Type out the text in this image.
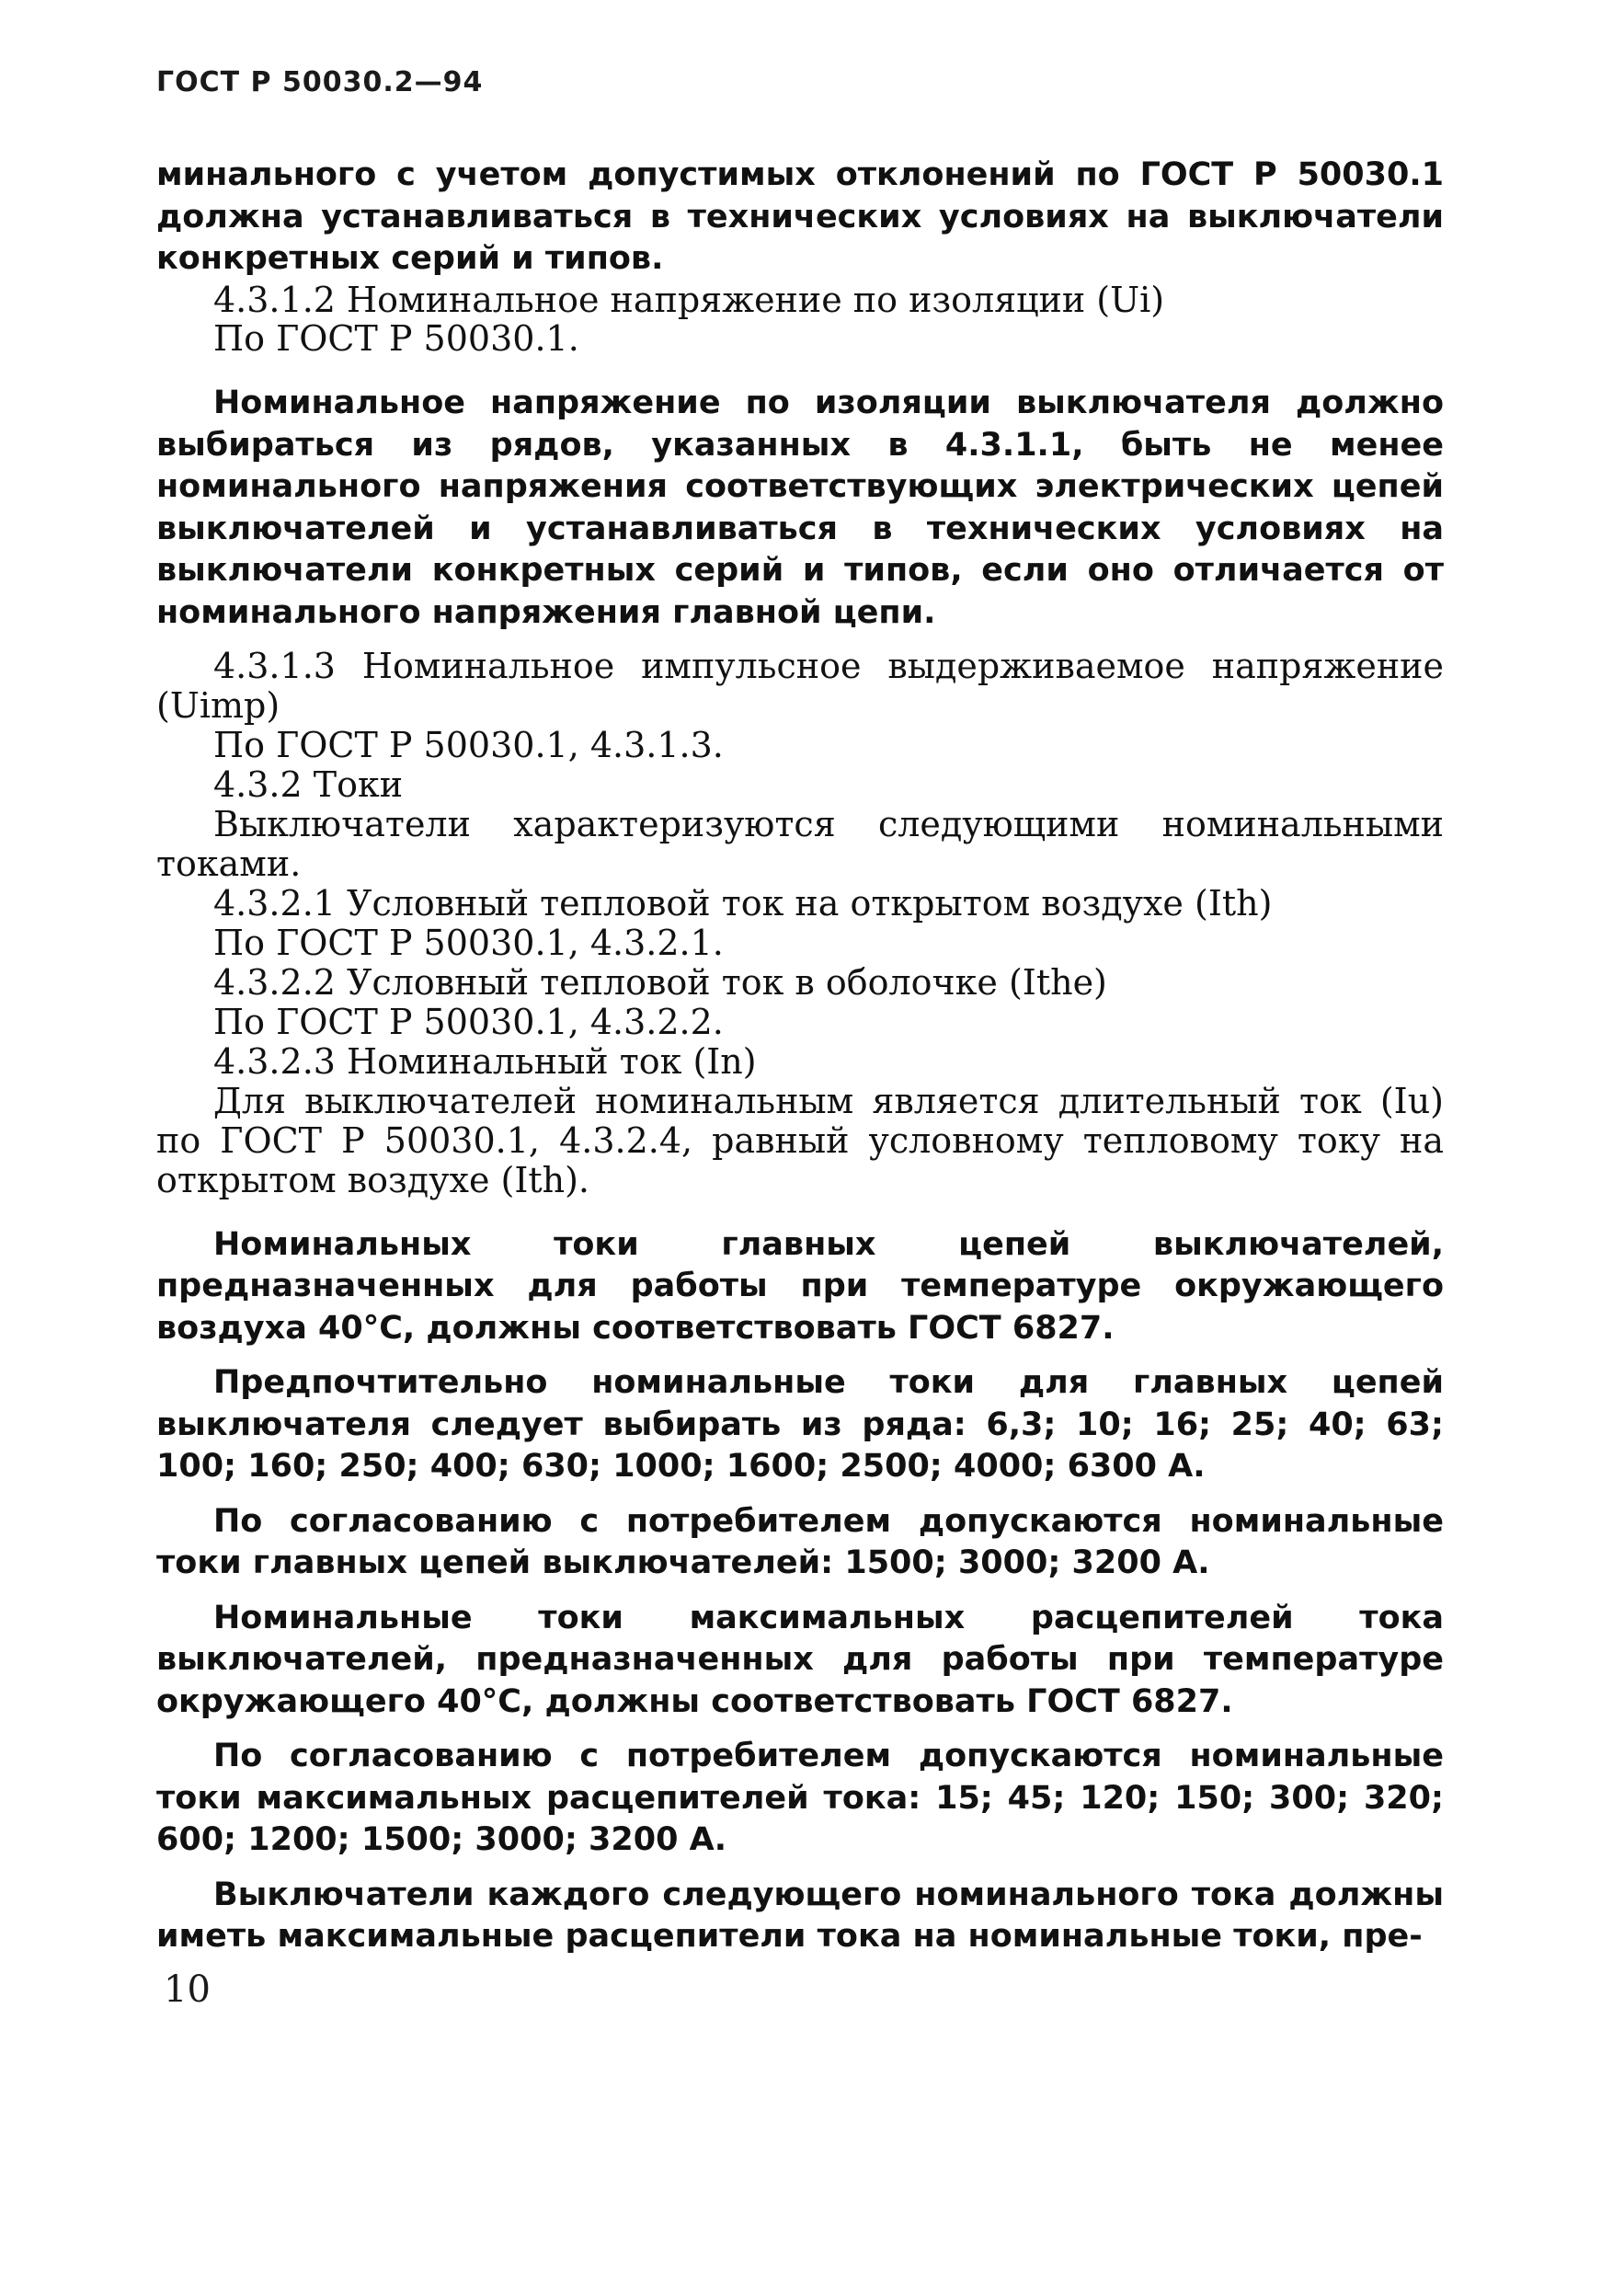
ГОСТ Р 50030.2—94

минального с учетом допустимых отклонений по ГОСТ Р 50030.1 должна устанавливаться в технических условиях на выключатели конкретных серий и типов.

4.3.1.2 Номинальное напряжение по изоляции (Ui)

По ГОСТ Р 50030.1.

Номинальное напряжение по изоляции выключателя должно выбираться из рядов, указанных в 4.3.1.1, быть не менее номинального напряжения соответствующих электрических цепей выключателей и устанавливаться в технических условиях на выключатели конкретных серий и типов, если оно отличается от номинального напряжения главной цепи.

4.3.1.3 Номинальное импульсное выдерживаемое напряжение (Uimp)

По ГОСТ Р 50030.1, 4.3.1.3.

4.3.2 Токи

Выключатели характеризуются следующими номинальными токами.

4.3.2.1 Условный тепловой ток на открытом воздухе (Ith)

По ГОСТ Р 50030.1, 4.3.2.1.

4.3.2.2 Условный тепловой ток в оболочке (Ithe)

По ГОСТ Р 50030.1, 4.3.2.2.

4.3.2.3 Номинальный ток (In)

Для выключателей номинальным является длительный ток (Iu) по ГОСТ Р 50030.1, 4.3.2.4, равный условному тепловому току на открытом воздухе (Ith).

Номинальных токи главных цепей выключателей, предназначенных для работы при температуре окружающего воздуха 40°С, должны соответствовать ГОСТ 6827.

Предпочтительно номинальные токи для главных цепей выключателя следует выбирать из ряда: 6,3; 10; 16; 25; 40; 63; 100; 160; 250; 400; 630; 1000; 1600; 2500; 4000; 6300 А.

По согласованию с потребителем допускаются номинальные токи главных цепей выключателей: 1500; 3000; 3200 А.

Номинальные токи максимальных расцепителей тока выключателей, предназначенных для работы при температуре окружающего 40°С, должны соответствовать ГОСТ 6827.

По согласованию с потребителем допускаются номинальные токи максимальных расцепителей тока: 15; 45; 120; 150; 300; 320; 600; 1200; 1500; 3000; 3200 А.

Выключатели каждого следующего номинального тока должны иметь максимальные расцепители тока на номинальные токи, пре-

10
